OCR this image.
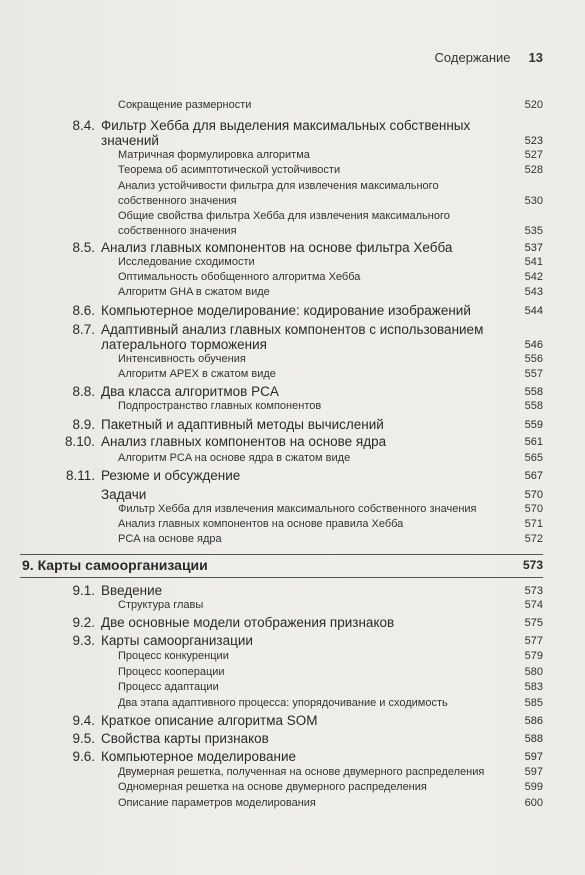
Содержание 13
Сокращение размерности	520
8.4. Фильтр Хебба для выделения максимальных собственных
значений	523
Матричная формулировка алгоритма	527
Теорема об асимптотической устойчивости	528
Анализ устойчивости фильтра для извлечения максимального
собственного значения	530
Общие свойства фильтра Хебба для извлечения максимального
собственного значения	535
8.5. Анализ главных компонентов на основе фильтра Хебба	537
Исследование сходимости	541
Оптимальность обобщенного алгоритма Хебба	542
Алгоритм GHA в сжатом виде	543
8.6. Компьютерное моделирование: кодирование изображений	544
8.7. Адаптивный анализ главных компонентов с использованием
латерального торможения	546
Интенсивность обучения	556
Алгоритм APEX в сжатом виде	557
8.8. Два класса алгоритмов PCA	558
Подпространство главных компонентов	558
8.9. Пакетный и адаптивный методы вычислений	559
8.10. Анализ главных компонентов на основе ядра	561
Алгоритм PCA на основе ядра в сжатом виде	565
8.11. Резюме и обсуждение	567
Задачи	570
Фильтр Хебба для извлечения максимального собственного значения	570
Анализ главных компонентов на основе правила Хебба	571
PCA на основе ядра	572
9. Карты самоорганизации	573
9.1. Введение	573
Структура главы	574
9.2. Две основные модели отображения признаков	575
9.3. Карты самоорганизации	577
Процесс конкуренции	579
Процесс кооперации	580
Процесс адаптации	583
Два этапа адаптивного процесса: упорядочивание и сходимость	585
9.4. Краткое описание алгоритма SOM	586
9.5. Свойства карты признаков	588
9.6. Компьютерное моделирование	597
Двумерная решетка, полученная на основе двумерного распределения	597
Одномерная решетка на основе двумерного распределения	599
Описание параметров моделирования	600
